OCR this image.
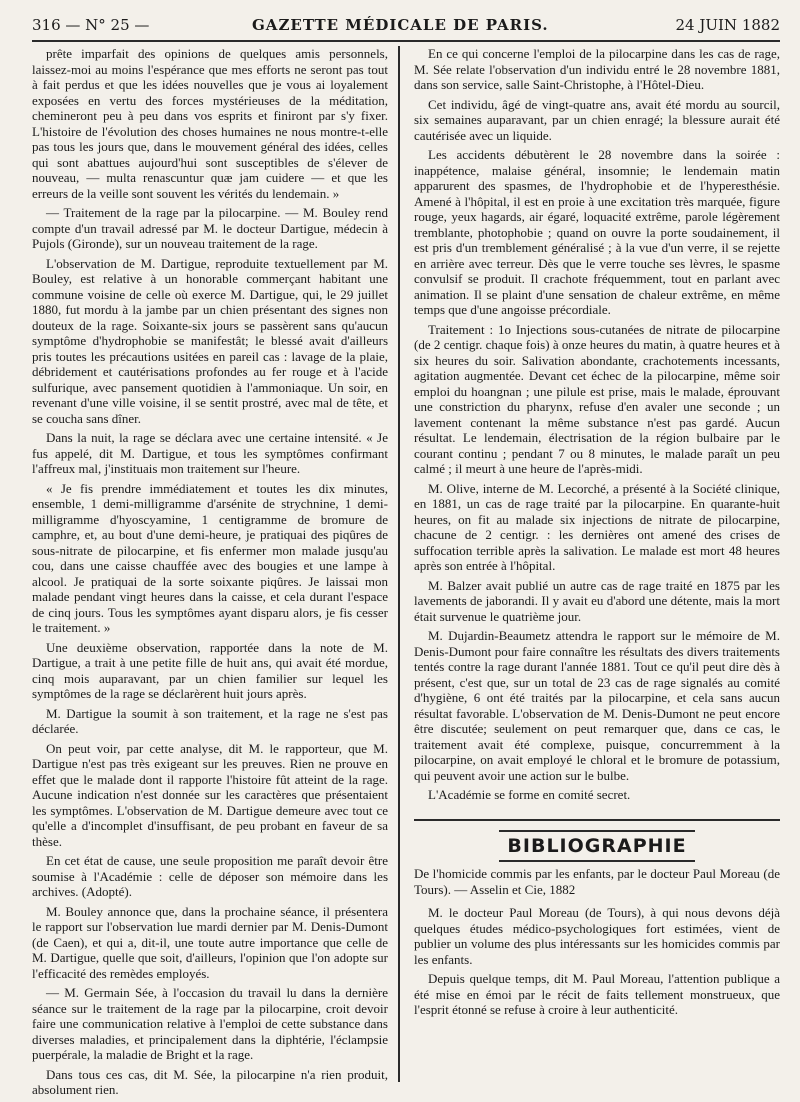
316 — N° 25 —	GAZETTE MÉDICALE DE PARIS.	24 JUIN 1882

prête imparfait des opinions de quelques amis personnels, laissez-moi au moins l'espérance que mes efforts ne seront pas tout à fait perdus et que les idées nouvelles que je vous ai loyalement exposées en vertu des forces mystérieuses de la méditation, chemineront peu à peu dans vos esprits et finiront par s'y fixer. L'histoire de l'évolution des choses humaines ne nous montre-t-elle pas tous les jours que, dans le mouvement général des idées, celles qui sont abattues aujourd'hui sont susceptibles de s'élever de nouveau, — multa renascuntur quæ jam cuidere — et que les erreurs de la veille sont souvent les vérités du lendemain. »

— Traitement de la rage par la pilocarpine. — M. Bouley rend compte d'un travail adressé par M. le docteur Dartigue, médecin à Pujols (Gironde), sur un nouveau traitement de la rage.

L'observation de M. Dartigue, reproduite textuellement par M. Bouley, est relative à un honorable commerçant habitant une commune voisine de celle où exerce M. Dartigue, qui, le 29 juillet 1880, fut mordu à la jambe par un chien présentant des signes non douteux de la rage. Soixante-six jours se passèrent sans qu'aucun symptôme d'hydrophobie se manifestât; le blessé avait d'ailleurs pris toutes les précautions usitées en pareil cas : lavage de la plaie, débridement et cautérisations profondes au fer rouge et à l'acide sulfurique, avec pansement quotidien à l'ammoniaque. Un soir, en revenant d'une ville voisine, il se sentit prostré, avec mal de tête, et se coucha sans dîner.

Dans la nuit, la rage se déclara avec une certaine intensité. « Je fus appelé, dit M. Dartigue, et tous les symptômes confirmant l'affreux mal, j'instituais mon traitement sur l'heure.

« Je fis prendre immédiatement et toutes les dix minutes, ensemble, 1 demi-milligramme d'arsénite de strychnine, 1 demi-milligramme d'hyoscyamine, 1 centigramme de bromure de camphre, et, au bout d'une demi-heure, je pratiquai des piqûres de sous-nitrate de pilocarpine, et fis enfermer mon malade jusqu'au cou, dans une caisse chauffée avec des bougies et une lampe à alcool. Je pratiquai de la sorte soixante piqûres. Je laissai mon malade pendant vingt heures dans la caisse, et cela durant l'espace de cinq jours. Tous les symptômes ayant disparu alors, je fis cesser le traitement. »

Une deuxième observation, rapportée dans la note de M. Dartigue, a trait à une petite fille de huit ans, qui avait été mordue, cinq mois auparavant, par un chien familier sur lequel les symptômes de la rage se déclarèrent huit jours après.

M. Dartigue la soumit à son traitement, et la rage ne s'est pas déclarée.

On peut voir, par cette analyse, dit M. le rapporteur, que M. Dartigue n'est pas très exigeant sur les preuves. Rien ne prouve en effet que le malade dont il rapporte l'histoire fût atteint de la rage. Aucune indication n'est donnée sur les caractères que présentaient les symptômes. L'observation de M. Dartigue demeure avec tout ce qu'elle a d'incomplet d'insuffisant, de peu probant en faveur de sa thèse.

En cet état de cause, une seule proposition me paraît devoir être soumise à l'Académie : celle de déposer son mémoire dans les archives. (Adopté).

M. Bouley annonce que, dans la prochaine séance, il présentera le rapport sur l'observation lue mardi dernier par M. Denis-Dumont (de Caen), et qui a, dit-il, une toute autre importance que celle de M. Dartigue, quelle que soit, d'ailleurs, l'opinion que l'on adopte sur l'efficacité des remèdes employés.

— M. Germain Sée, à l'occasion du travail lu dans la dernière séance sur le traitement de la rage par la pilocarpine, croit devoir faire une communication relative à l'emploi de cette substance dans diverses maladies, et principalement dans la diphtérie, l'éclampsie puerpérale, la maladie de Bright et la rage.

Dans tous ces cas, dit M. Sée, la pilocarpine n'a rien produit, absolument rien.

En ce qui concerne l'emploi de la pilocarpine dans les cas de rage, M. Sée relate l'observation d'un individu entré le 28 novembre 1881, dans son service, salle Saint-Christophe, à l'Hôtel-Dieu.

Cet individu, âgé de vingt-quatre ans, avait été mordu au sourcil, six semaines auparavant, par un chien enragé; la blessure aurait été cautérisée avec un liquide.

Les accidents débutèrent le 28 novembre dans la soirée : inappétence, malaise général, insomnie; le lendemain matin apparurent des spasmes, de l'hydrophobie et de l'hyperesthésie. Amené à l'hôpital, il est en proie à une excitation très marquée, figure rouge, yeux hagards, air égaré, loquacité extrême, parole légèrement tremblante, photophobie ; quand on ouvre la porte soudainement, il est pris d'un tremblement généralisé ; à la vue d'un verre, il se rejette en arrière avec terreur. Dès que le verre touche ses lèvres, le spasme convulsif se produit. Il crachote fréquemment, tout en parlant avec animation. Il se plaint d'une sensation de chaleur extrême, en même temps que d'une angoisse précordiale.

Traitement : 1o Injections sous-cutanées de nitrate de pilocarpine (de 2 centigr. chaque fois) à onze heures du matin, à quatre heures et à six heures du soir. Salivation abondante, crachotements incessants, agitation augmentée. Devant cet échec de la pilocarpine, même soir emploi du hoangnan ; une pilule est prise, mais le malade, éprouvant une constriction du pharynx, refuse d'en avaler une seconde ; un lavement contenant la même substance n'est pas gardé. Aucun résultat. Le lendemain, électrisation de la région bulbaire par le courant continu ; pendant 7 ou 8 minutes, le malade paraît un peu calmé ; il meurt à une heure de l'après-midi.

M. Olive, interne de M. Lecorché, a présenté à la Société clinique, en 1881, un cas de rage traité par la pilocarpine. En quarante-huit heures, on fit au malade six injections de nitrate de pilocarpine, chacune de 2 centigr. : les dernières ont amené des crises de suffocation terrible après la salivation. Le malade est mort 48 heures après son entrée à l'hôpital.

M. Balzer avait publié un autre cas de rage traité en 1875 par les lavements de jaborandi. Il y avait eu d'abord une détente, mais la mort était survenue le quatrième jour.

M. Dujardin-Beaumetz attendra le rapport sur le mémoire de M. Denis-Dumont pour faire connaître les résultats des divers traitements tentés contre la rage durant l'année 1881. Tout ce qu'il peut dire dès à présent, c'est que, sur un total de 23 cas de rage signalés au comité d'hygiène, 6 ont été traités par la pilocarpine, et cela sans aucun résultat favorable. L'observation de M. Denis-Dumont ne peut encore être discutée; seulement on peut remarquer que, dans ce cas, le traitement avait été complexe, puisque, concurremment à la pilocarpine, on avait employé le chloral et le bromure de potassium, qui peuvent avoir une action sur le bulbe.

L'Académie se forme en comité secret.

BIBLIOGRAPHIE

De l'homicide commis par les enfants, par le docteur Paul Moreau (de Tours). — Asselin et Cie, 1882

M. le docteur Paul Moreau (de Tours), à qui nous devons déjà quelques études médico-psychologiques fort estimées, vient de publier un volume des plus intéressants sur les homicides commis par les enfants.

Depuis quelque temps, dit M. Paul Moreau, l'attention publique a été mise en émoi par le récit de faits tellement monstrueux, que l'esprit étonné se refuse à croire à leur authenticité.
